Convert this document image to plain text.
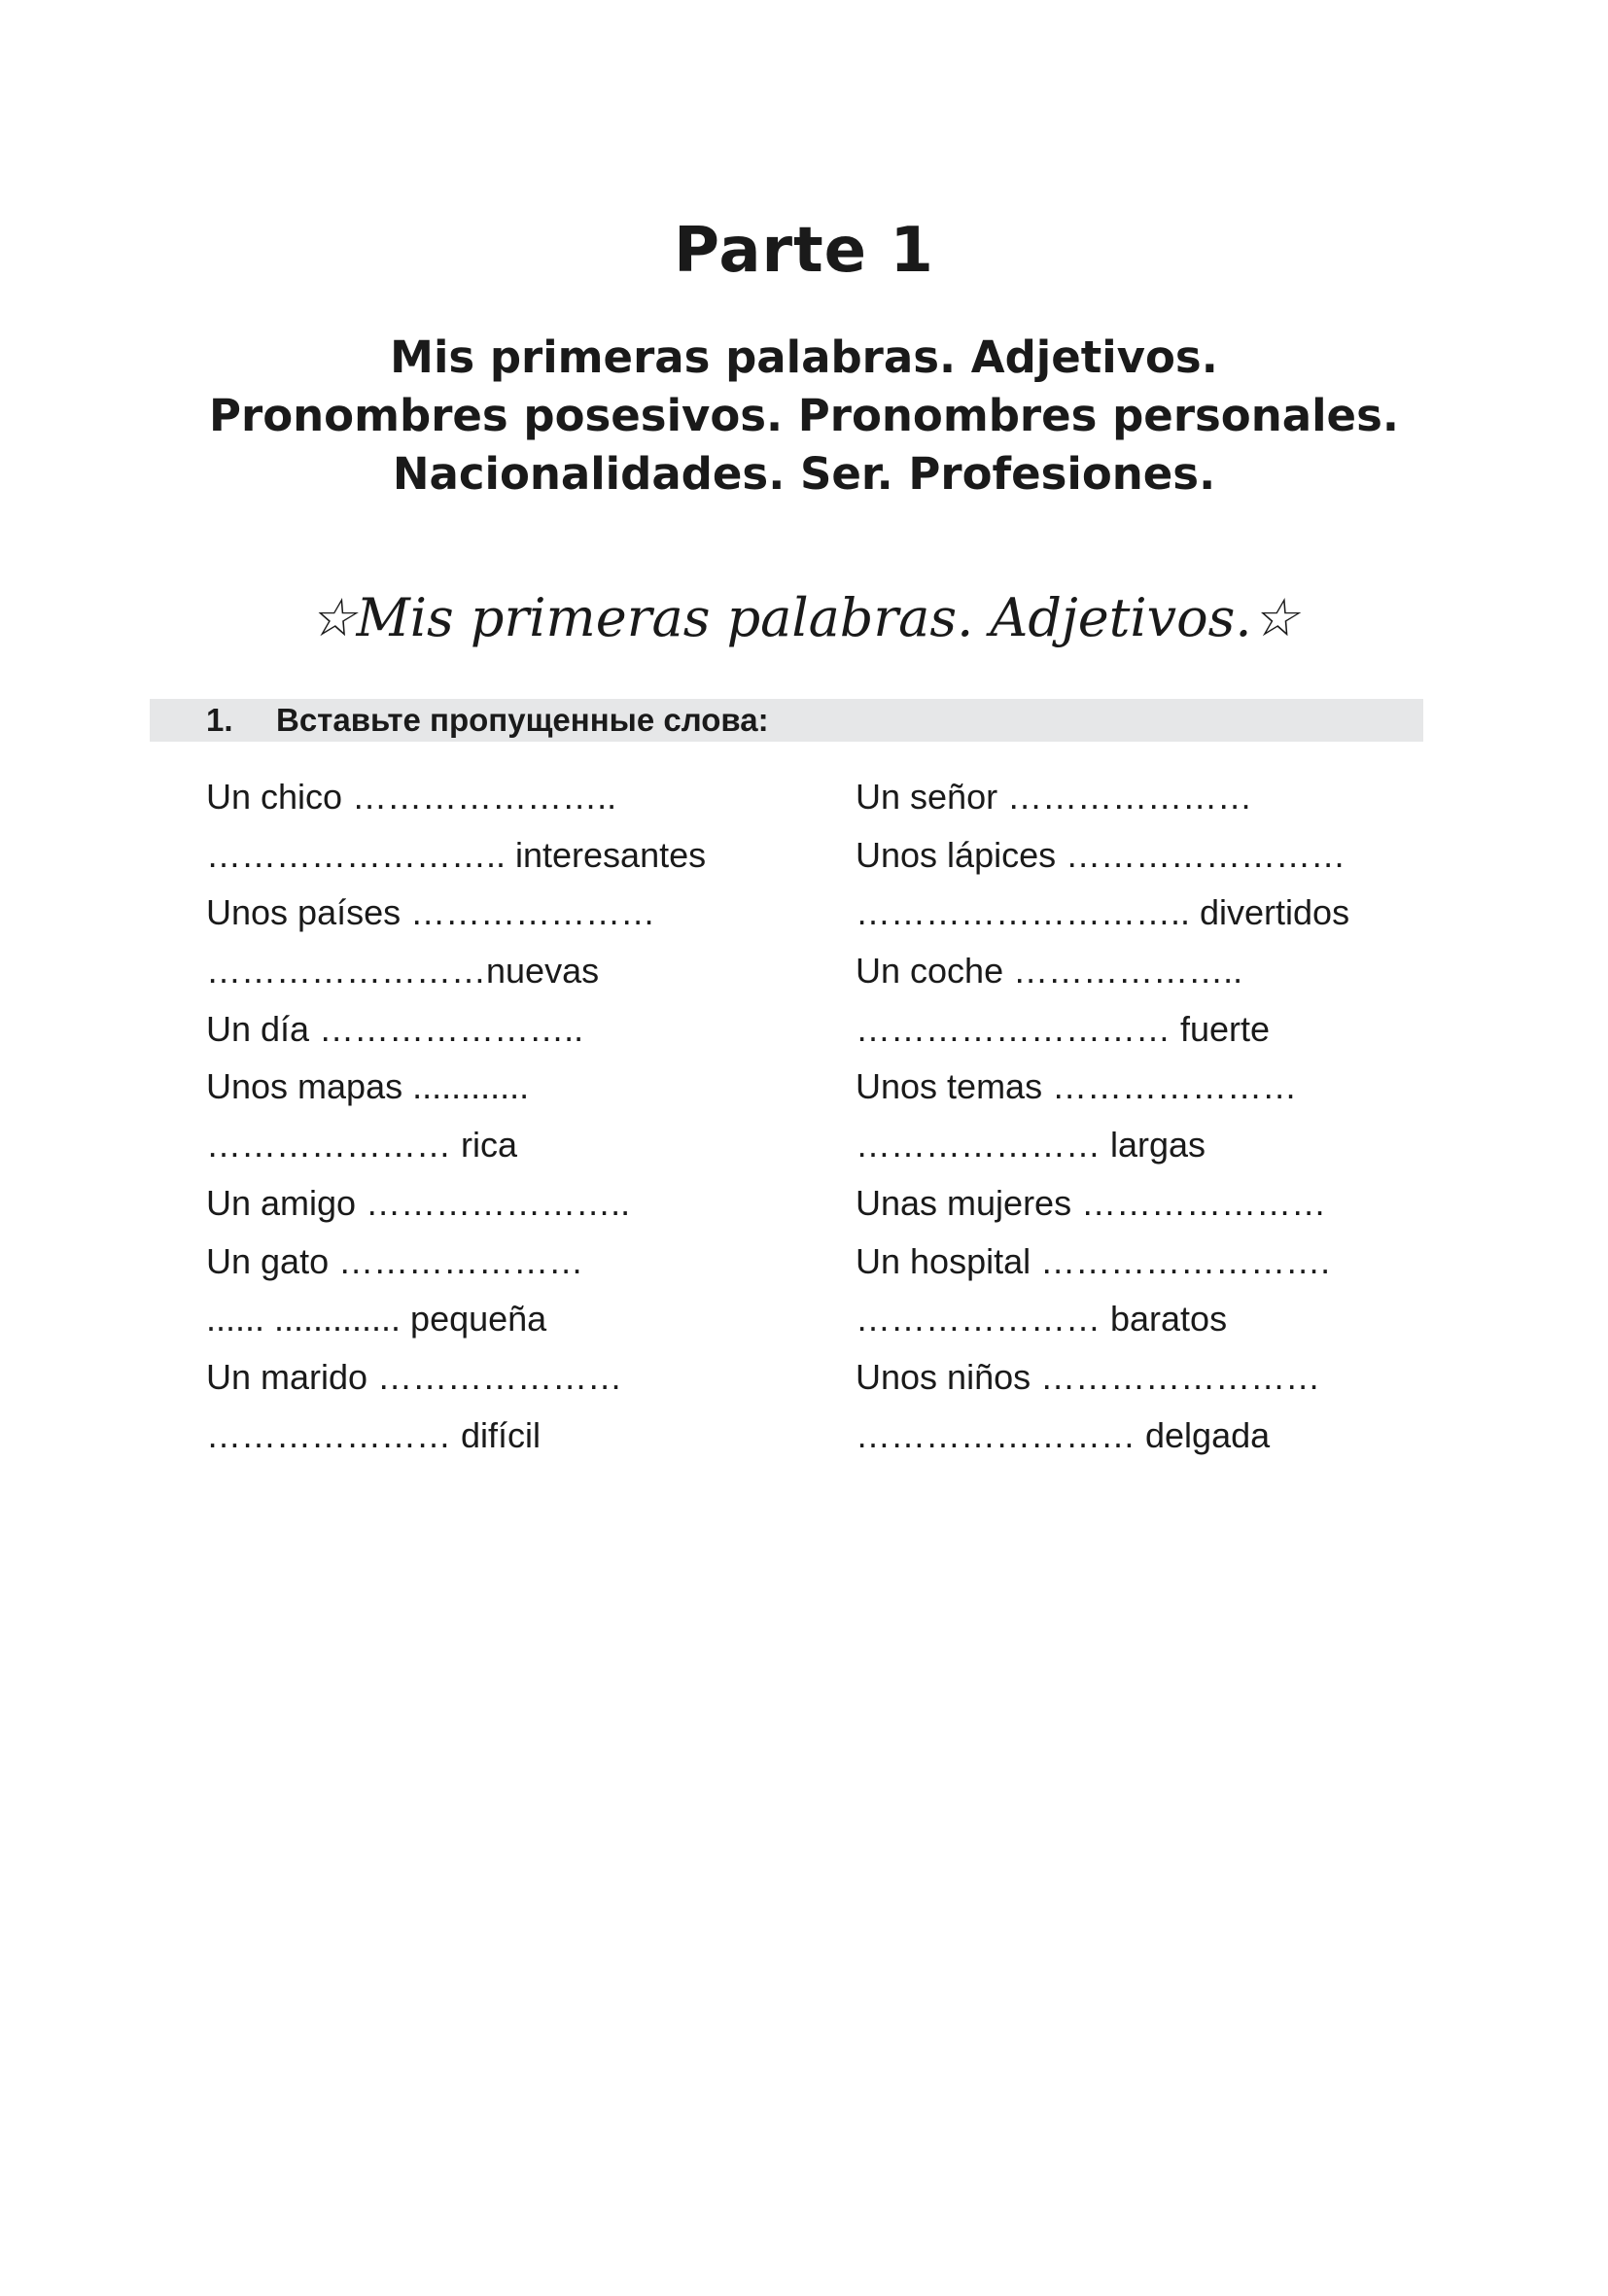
Parte 1
Mis primeras palabras. Adjetivos.
Pronombres posesivos. Pronombres personales.
Nacionalidades. Ser. Profesiones.
☆Mis primeras palabras. Adjetivos.☆
1. Вставьте пропущенные слова:
Un chico …………………..
…………………….. interesantes
Unos países …………………
……………………nuevas
Un día …………………..
Unos mapas ............
………………… rica
Un amigo …………………..
Un gato …………………
...... ............. pequeña
Un marido …………………
………………… difícil
Un señor …………………
Unos lápices ……………………
……………………….. divertidos
Un coche ………………..
……………………… fuerte
Unos temas …………………
………………… largas
Unas mujeres …………………
Un hospital …………………….
………………… baratos
Unos niños ……………………
…………………… delgada
